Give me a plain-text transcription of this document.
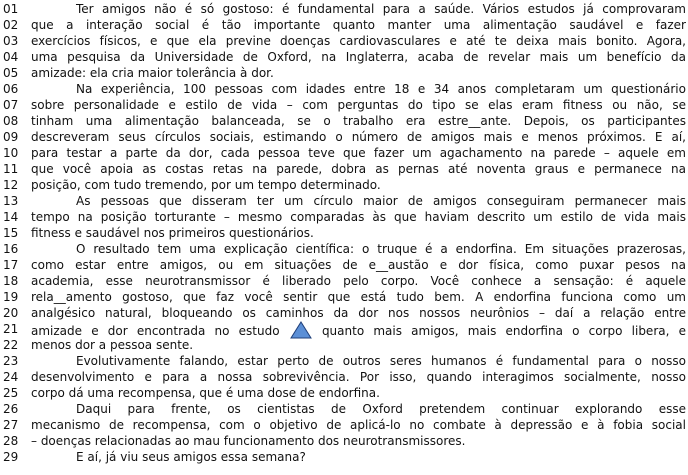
01	Ter amigos não é só gostoso: é fundamental para a saúde. Vários estudos já comprovaram
02	que a interação social é tão importante quanto manter uma alimentação saudável e fazer
03	exercícios físicos, e que ela previne doenças cardiovasculares e até te deixa mais bonito. Agora,
04	uma pesquisa da Universidade de Oxford, na Inglaterra, acaba de revelar mais um benefício da
05	amizade: ela cria maior tolerância à dor.
06	Na experiência, 100 pessoas com idades entre 18 e 34 anos completaram um questionário
07	sobre personalidade e estilo de vida – com perguntas do tipo se elas eram fitness ou não, se
08	tinham uma alimentação balanceada, se o trabalho era estre__ante. Depois, os participantes
09	descreveram seus círculos sociais, estimando o número de amigos mais e menos próximos. E aí,
10	para testar a parte da dor, cada pessoa teve que fazer um agachamento na parede – aquele em
11	que você apoia as costas retas na parede, dobra as pernas até noventa graus e permanece na
12	posição, com tudo tremendo, por um tempo determinado.
13	As pessoas que disseram ter um círculo maior de amigos conseguiram permanecer mais
14	tempo na posição torturante – mesmo comparadas às que haviam descrito um estilo de vida mais
15	fitness e saudável nos primeiros questionários.
16	O resultado tem uma explicação científica: o truque é a endorfina. Em situações prazerosas,
17	como estar entre amigos, ou em situações de e__austão e dor física, como puxar pesos na
18	academia, esse neurotransmissor é liberado pelo corpo. Você conhece a sensação: é aquele
19	rela__amento gostoso, que faz você sentir que está tudo bem. A endorfina funciona como um
20	analgésico natural, bloqueando os caminhos da dor nos nossos neurônios – daí a relação entre
21	amizade e dor encontrada no estudo	quanto mais amigos, mais endorfina o corpo libera, e
22	menos dor a pessoa sente.
23	Evolutivamente falando, estar perto de outros seres humanos é fundamental para o nosso
24	desenvolvimento e para a nossa sobrevivência. Por isso, quando interagimos socialmente, nosso
25	corpo dá uma recompensa, que é uma dose de endorfina.
26	Daqui para frente, os cientistas de Oxford pretendem continuar explorando esse
27	mecanismo de recompensa, com o objetivo de aplicá-lo no combate à depressão e à fobia social
28	– doenças relacionadas ao mau funcionamento dos neurotransmissores.
29	E aí, já viu seus amigos essa semana?
